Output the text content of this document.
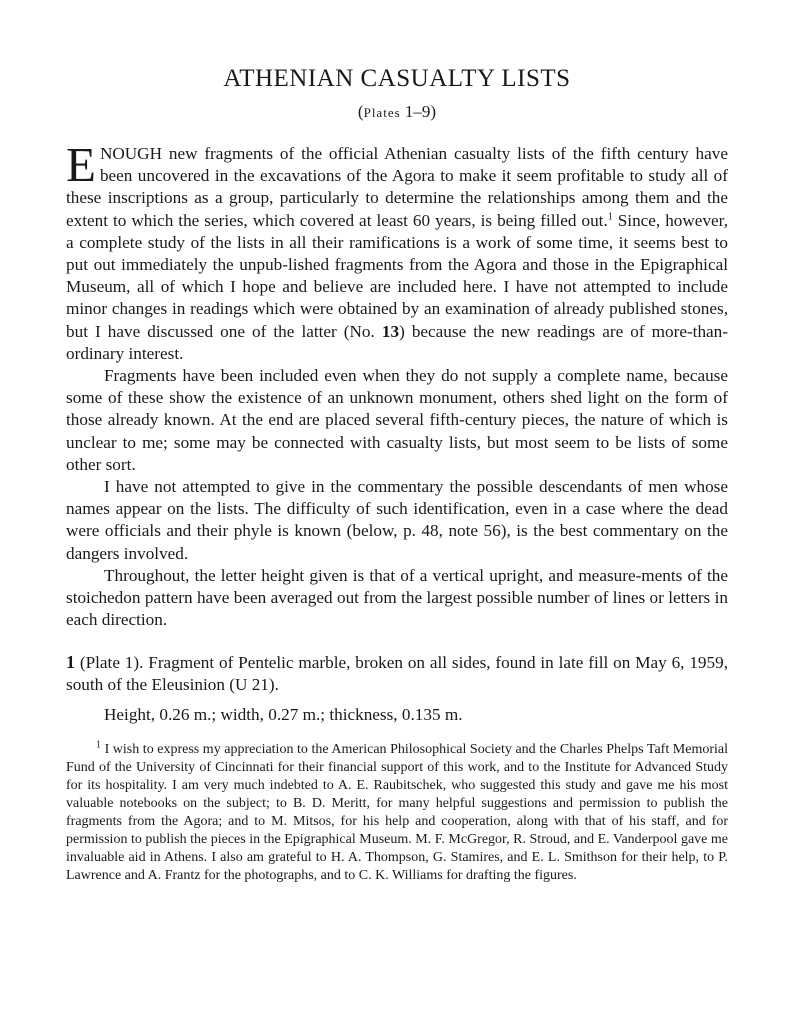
ATHENIAN CASUALTY LISTS
(Plates 1–9)

ENOUGH new fragments of the official Athenian casualty lists of the fifth century have been uncovered in the excavations of the Agora to make it seem profitable to study all of these inscriptions as a group, particularly to determine the relationships among them and the extent to which the series, which covered at least 60 years, is being filled out.$^1$ Since, however, a complete study of the lists in all their ramifications is a work of some time, it seems best to put out immediately the unpub-lished fragments from the Agora and those in the Epigraphical Museum, all of which I hope and believe are included here. I have not attempted to include minor changes in readings which were obtained by an examination of already published stones, but I have discussed one of the latter (No. 13) because the new readings are of more-than-ordinary interest.

Fragments have been included even when they do not supply a complete name, because some of these show the existence of an unknown monument, others shed light on the form of those already known. At the end are placed several fifth-century pieces, the nature of which is unclear to me; some may be connected with casualty lists, but most seem to be lists of some other sort.

I have not attempted to give in the commentary the possible descendants of men whose names appear on the lists. The difficulty of such identification, even in a case where the dead were officials and their phyle is known (below, p. 48, note 56), is the best commentary on the dangers involved.

Throughout, the letter height given is that of a vertical upright, and measure-ments of the stoichedon pattern have been averaged out from the largest possible number of lines or letters in each direction.

1 (Plate 1). Fragment of Pentelic marble, broken on all sides, found in late fill on May 6, 1959, south of the Eleusinion (U 21).

Height, 0.26 m.; width, 0.27 m.; thickness, 0.135 m.

$^1$ I wish to express my appreciation to the American Philosophical Society and the Charles Phelps Taft Memorial Fund of the University of Cincinnati for their financial support of this work, and to the Institute for Advanced Study for its hospitality. I am very much indebted to A. E. Raubitschek, who suggested this study and gave me his most valuable notebooks on the subject; to B. D. Meritt, for many helpful suggestions and permission to publish the fragments from the Agora; and to M. Mitsos, for his help and cooperation, along with that of his staff, and for permission to publish the pieces in the Epigraphical Museum. M. F. McGregor, R. Stroud, and E. Vanderpool gave me invaluable aid in Athens. I also am grateful to H. A. Thompson, G. Stamires, and E. L. Smithson for their help, to P. Lawrence and A. Frantz for the photographs, and to C. K. Williams for drafting the figures.
